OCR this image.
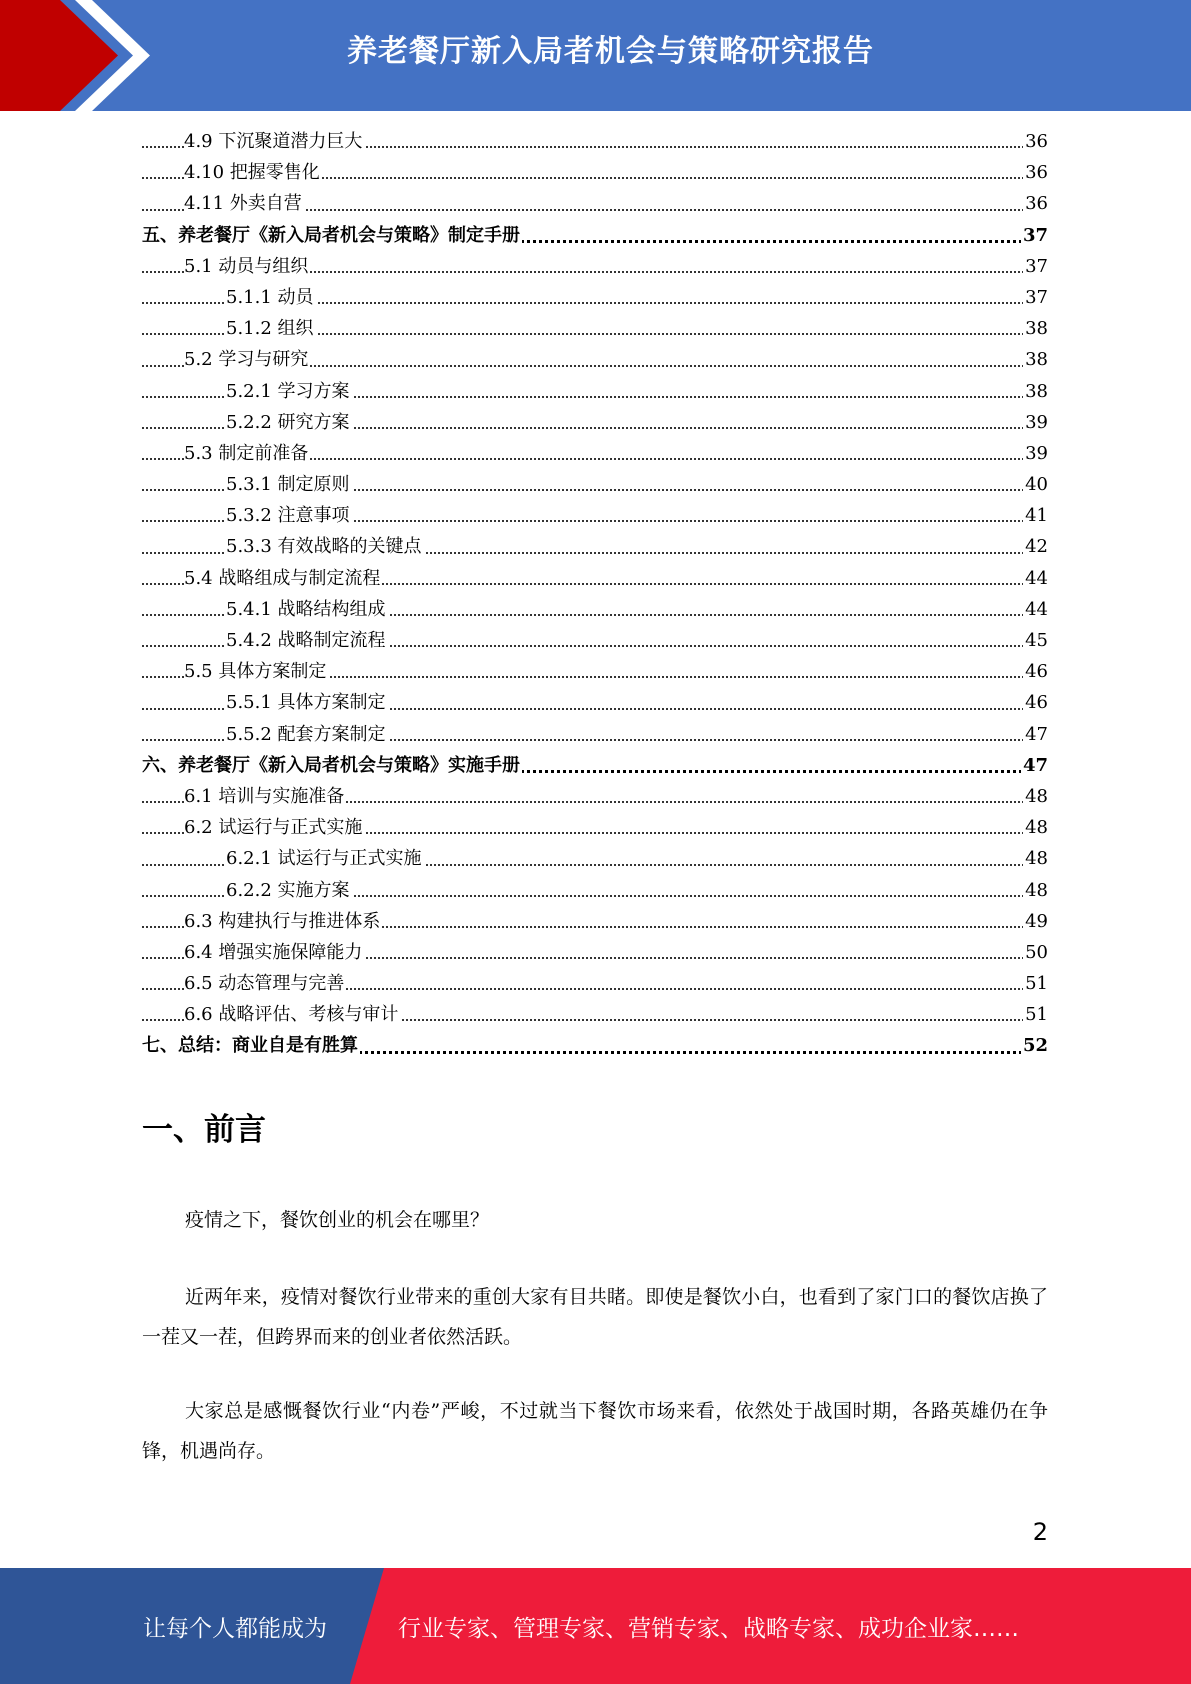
养老餐厅新入局者机会与策略研究报告
4.9 下沉聚道潜力巨大	36
4.10 把握零售化	36
4.11 外卖自营	36
五、养老餐厅《新入局者机会与策略》制定手册	37
5.1 动员与组织	37
5.1.1 动员	37
5.1.2 组织	38
5.2 学习与研究	38
5.2.1 学习方案	38
5.2.2 研究方案	39
5.3 制定前准备	39
5.3.1 制定原则	40
5.3.2 注意事项	41
5.3.3 有效战略的关键点	42
5.4 战略组成与制定流程	44
5.4.1 战略结构组成	44
5.4.2 战略制定流程	45
5.5 具体方案制定	46
5.5.1 具体方案制定	46
5.5.2 配套方案制定	47
六、养老餐厅《新入局者机会与策略》实施手册	47
6.1 培训与实施准备	48
6.2 试运行与正式实施	48
6.2.1 试运行与正式实施	48
6.2.2 实施方案	48
6.3 构建执行与推进体系	49
6.4 增强实施保障能力	50
6.5 动态管理与完善	51
6.6 战略评估、考核与审计	51
七、总结：商业自是有胜算	52
一、前言

疫情之下，餐饮创业的机会在哪里？

近两年来，疫情对餐饮行业带来的重创大家有目共睹。即使是餐饮小白，也看到了家门口的餐饮店换了一茬又一茬，但跨界而来的创业者依然活跃。

大家总是感慨餐饮行业“内卷”严峻，不过就当下餐饮市场来看，依然处于战国时期，各路英雄仍在争锋，机遇尚存。

2
让每个人都能成为	行业专家、管理专家、营销专家、战略专家、成功企业家……
